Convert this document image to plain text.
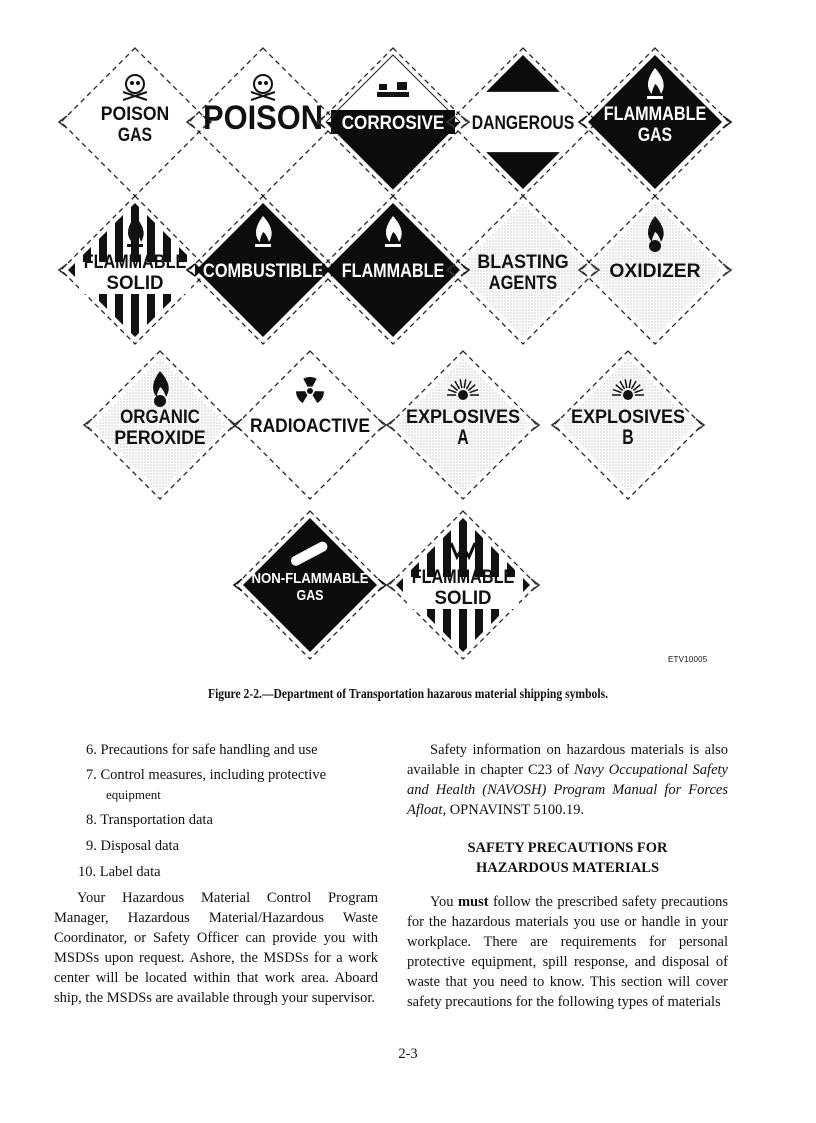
POISON
GAS POISON CORROSIVE DANGEROUS FLAMMABLE
GAS
FLAMMABLE
SOLID
COMBUSTIBLE FLAMMABLE BLASTING
AGENTS
OXIDIZER
ORGANIC
PEROXIDE
RADIOACTIVE EXPLOSIVES
A
EXPLOSIVES
B
NON-FLAMMABLE
GAS
FLAMMABLE
SOLID
ETV10005
Figure 2-2.—Department of Transportation hazarous material shipping symbols.

6. Precautions for safe handling and use

7. Control measures, including protective
equipment

8. Transportation data

9. Disposal data

10. Label data

Your Hazardous Material Control Program Manager, Hazardous Material/Hazardous Waste Coordinator, or Safety Officer can provide you with MSDSs upon request. Ashore, the MSDSs for a work center will be located within that work area. Aboard ship, the MSDSs are available through your supervisor.

Safety information on hazardous materials is also available in chapter C23 of Navy Occupational Safety and Health (NAVOSH) Program Manual for Forces Afloat, OPNAVINST 5100.19.

SAFETY PRECAUTIONS FOR
HAZARDOUS MATERIALS

You must follow the prescribed safety precautions for the hazardous materials you use or handle in your workplace. There are requirements for personal protective equipment, spill response, and disposal of waste that you need to know. This section will cover safety precautions for the following types of materials

2-3
